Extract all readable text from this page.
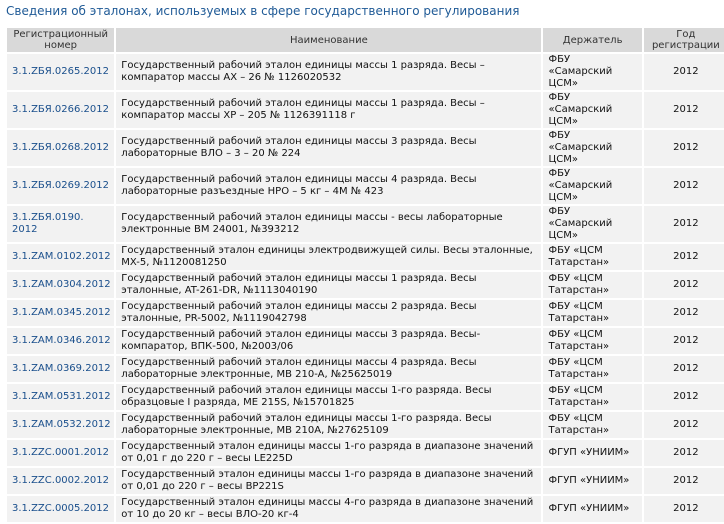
Сведения об эталонах, используемых в сфере государственного регулирования
Регистрационный номер	Наименование	Держатель	Год регистрации
3.1.ZБЯ.0265.2012	Государственный рабочий эталон единицы массы 1 разряда. Весы – компаратор массы АХ – 26 № 1126020532	ФБУ «Самарский ЦСМ»	2012
3.1.ZБЯ.0266.2012	Государственный рабочий эталон единицы массы 1 разряда. Весы – компаратор массы ХР – 205 № 1126391118 г	ФБУ «Самарский ЦСМ»	2012
3.1.ZБЯ.0268.2012	Государственный рабочий эталон единицы массы 3 разряда. Весы лабораторные ВЛО – 3 – 20 № 224	ФБУ «Самарский ЦСМ»	2012
3.1.ZБЯ.0269.2012	Государственный рабочий эталон единицы массы 4 разряда. Весы лабораторные разъездные НРО – 5 кг – 4М № 423	ФБУ «Самарский ЦСМ»	2012
3.1.ZБЯ.0190. 2012	Государственный рабочий эталон единицы массы - весы лабораторные электронные ВМ 24001, №393212	ФБУ «Самарский ЦСМ»	2012
3.1.ZAM.0102.2012	Государственный эталон единицы электродвижущей силы. Весы эталонные, MX-5, №1120081250	ФБУ «ЦСМ Татарстан»	2012
3.1.ZAM.0304.2012	Государственный рабочий эталон единицы массы 1 разряда. Весы эталонные, AT-261-DR, №1113040190	ФБУ «ЦСМ Татарстан»	2012
3.1.ZAM.0345.2012	Государственный рабочий эталон единицы массы 2 разряда. Весы эталонные, PR-5002, №1119042798	ФБУ «ЦСМ Татарстан»	2012
3.1.ZAM.0346.2012	Государственный рабочий эталон единицы массы 3 разряда. Весы-компаратор, ВПК-500, №2003/06	ФБУ «ЦСМ Татарстан»	2012
3.1.ZAM.0369.2012	Государственный рабочий эталон единицы массы 4 разряда. Весы лабораторные электронные, MB 210-A, №25625019	ФБУ «ЦСМ Татарстан»	2012
3.1.ZAM.0531.2012	Государственный рабочий эталон единицы массы 1-го разряда. Весы образцовые I разряда, ME 215S, №15701825	ФБУ «ЦСМ Татарстан»	2012
3.1.ZAM.0532.2012	Государственный рабочий эталон единицы массы 1-го разряда. Весы лабораторные электронные, MB 210A, №27625109	ФБУ «ЦСМ Татарстан»	2012
3.1.ZZC.0001.2012	Государственный эталон единицы массы 1-го разряда в диапазоне значений от 0,01 г до 220 г – весы LE225D	ФГУП «УНИИМ»	2012
3.1.ZZC.0002.2012	Государственный эталон единицы массы 1-го разряда в диапазоне значений от 0,01 до 220 г – весы BP221S	ФГУП «УНИИМ»	2012
3.1.ZZC.0005.2012	Государственный эталон единицы массы 4-го разряда в диапазоне значений от 10 до 20 кг – весы ВЛО-20 кг-4	ФГУП «УНИИМ»	2012
